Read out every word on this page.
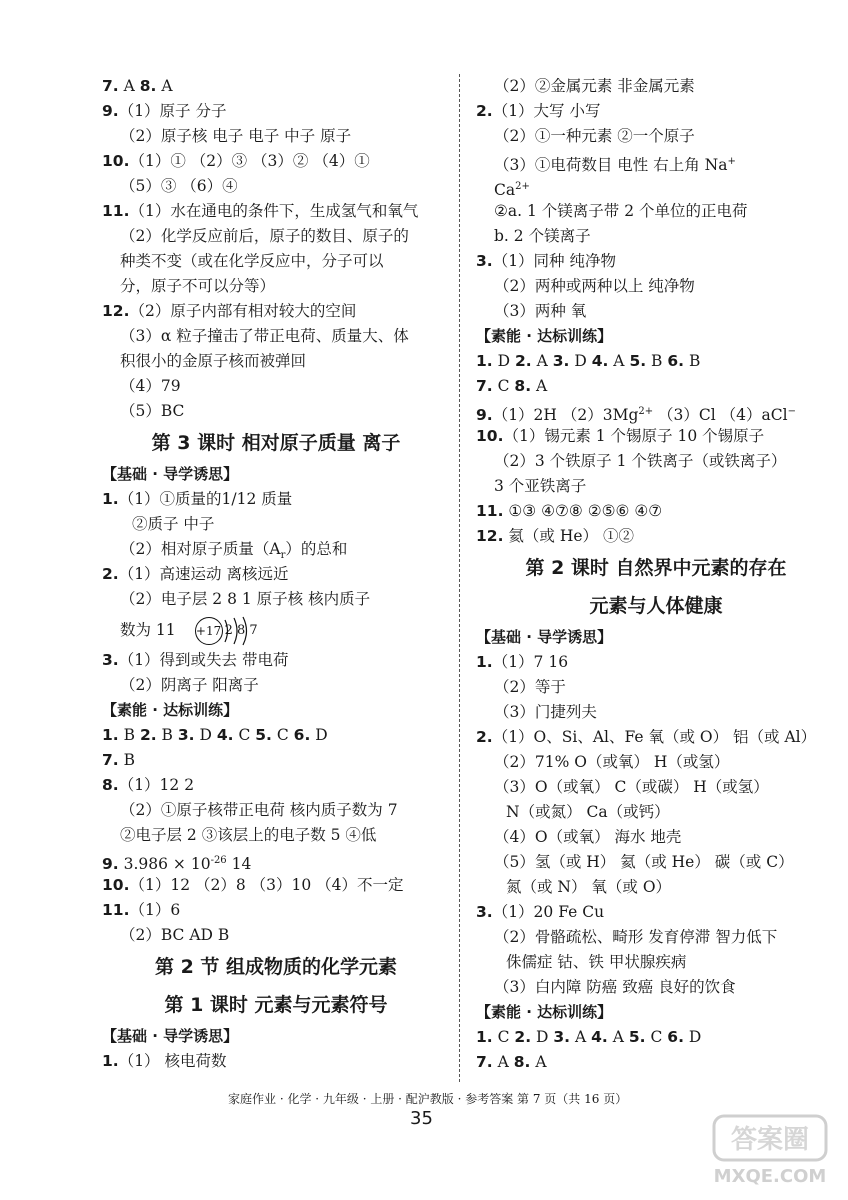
7. A 8. A
9.（1）原子 分子
（2）原子核 电子 电子 中子 原子
10.（1）① （2）③ （3）② （4）①
（5）③ （6）④
11.（1）水在通电的条件下，生成氢气和氧气
（2）化学反应前后，原子的数目、原子的
种类不变（或在化学反应中，分子可以
分，原子不可以分等）
12.（2）原子内部有相对较大的空间
（3）α 粒子撞击了带正电荷、质量大、体
积很小的金原子核而被弹回
（4）79
（5）BC
第 3 课时 相对原子质量 离子
【基础 · 导学诱思】
1.（1）①质量的1/12 质量
②质子 中子
（2）相对原子质量$(A_r)$的总和
2.（1）高速运动 离核远近
（2）电子层 2 8 1 原子核 核内质子
数为 11 +17 2 8 7
3.（1）得到或失去 带电荷
（2）阴离子 阳离子
【素能 · 达标训练】
1. B 2. B 3. D 4. C 5. C 6. D
7. B
8.（1）12 2
（2）①原子核带正电荷 核内质子数为 7
②电子层 2 ③该层上的电子数 5 ④低
9. $3.986 \times 10^{-26}$ 14
10.（1）12 （2）8 （3）10 （4）不一定
11.（1）6
（2）BC AD B
第 2 节 组成物质的化学元素
第 1 课时 元素与元素符号
【基础 · 导学诱思】
1.（1） 核电荷数
（2）②金属元素 非金属元素
2.（1）大写 小写
（2）①一种元素 ②一个原子
（3）①电荷数目 电性 右上角 Na+
$Ca^{2+}$
②a. 1 个镁离子带 2 个单位的正电荷
b. 2 个镁离子
3.（1）同种 纯净物
（2）两种或两种以上 纯净物
（3）两种 氧
【素能 · 达标训练】
1. D 2. A 3. D 4. A 5. B 6. B
7. C 8. A
9.（1）2H $(2)3Mg^{2+}$ （3）Cl （4）aCl−
10.（1）锡元素 1 个锡原子 10 个锡原子
（2）3 个铁原子 1 个铁离子（或铁离子）
3 个亚铁离子
11. ①③ ④⑦⑧ ②⑤⑥ ④⑦
12. 氦（或 He） ①②
第 2 课时 自然界中元素的存在
元素与人体健康
【基础 · 导学诱思】
1.（1）7 16
（2）等于
（3）门捷列夫
2.（1）O、Si、Al、Fe 氧（或 O） 铝（或 Al）
（2）71% O（或氧） H（或氢）
（3）O（或氧） C（或碳） H（或氢）
N（或氮） Ca（或钙）
（4）O（或氧） 海水 地壳
（5）氢（或 H） 氦（或 He） 碳（或 C）
氮（或 N） 氧（或 O）
3.（1）20 Fe Cu
（2）骨骼疏松、畸形 发育停滞 智力低下
侏儒症 钴、铁 甲状腺疾病
（3）白内障 防癌 致癌 良好的饮食
【素能 · 达标训练】
1. C 2. D 3. A 4. A 5. C 6. D
7. A 8. A
家庭作业 · 化学 · 九年级 · 上册 · 配沪教版 · 参考答案 第 7 页（共 16 页）
35
答案圈
MXQE.COM
